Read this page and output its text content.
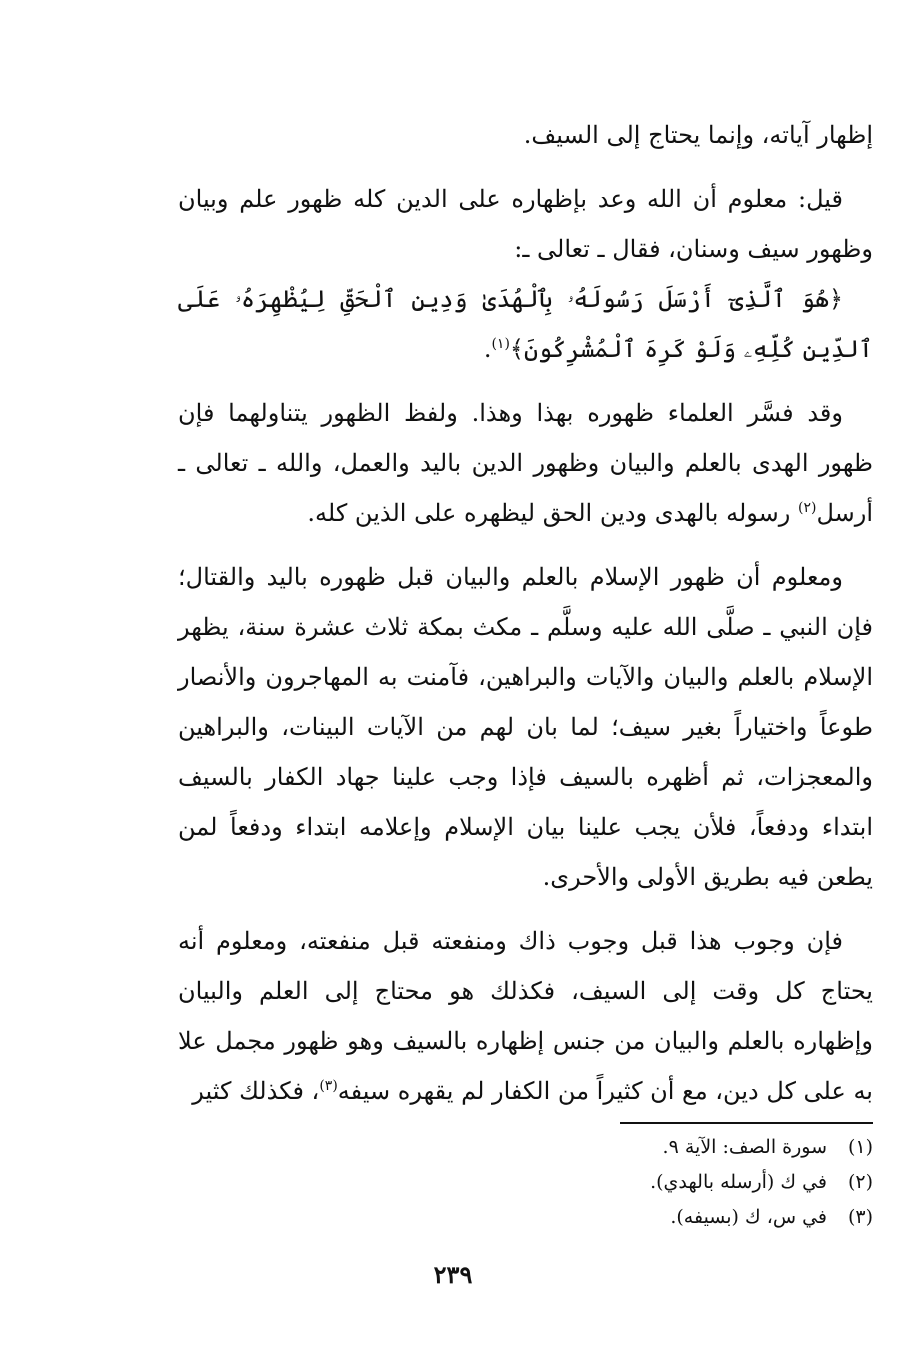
إظهار آياته، وإنما يحتاج إلى السيف.

قيل: معلوم أن الله وعد بإظهاره على الدين كله ظهور علم وبيان وظهور سيف وسنان، فقال ـ تعالى ـ:

﴿هُوَ ٱلَّذِىٓ أَرْسَلَ رَسُولَهُۥ بِٱلْهُدَىٰ وَدِينِ ٱلْحَقِّ لِيُظْهِرَهُۥ عَلَى ٱلدِّينِ كُلِّهِۦ وَلَوْ كَرِهَ ٱلْمُشْرِكُونَ﴾$^{(١)}$.

وقد فسَّر العلماء ظهوره بهذا وهذا. ولفظ الظهور يتناولهما فإن ظهور الهدى بالعلم والبيان وظهور الدين باليد والعمل، والله ـ تعالى ـ أرسل$^{(٢)}$ رسوله بالهدى ودين الحق ليظهره على الذين كله.

ومعلوم أن ظهور الإسلام بالعلم والبيان قبل ظهوره باليد والقتال؛ فإن النبي ـ صلَّى الله عليه وسلَّم ـ مكث بمكة ثلاث عشرة سنة، يظهر الإسلام بالعلم والبيان والآيات والبراهين، فآمنت به المهاجرون والأنصار طوعاً واختياراً بغير سيف؛ لما بان لهم من الآيات البينات، والبراهين والمعجزات، ثم أظهره بالسيف فإذا وجب علينا جهاد الكفار بالسيف ابتداء ودفعاً، فلأن يجب علينا بيان الإسلام وإعلامه ابتداء ودفعاً لمن يطعن فيه بطريق الأولى والأحرى.

فإن وجوب هذا قبل وجوب ذاك ومنفعته قبل منفعته، ومعلوم أنه يحتاج كل وقت إلى السيف، فكذلك هو محتاج إلى العلم والبيان وإظهاره بالعلم والبيان من جنس إظهاره بالسيف وهو ظهور مجمل علا به على كل دين، مع أن كثيراً من الكفار لم يقهره سيفه$^{(٣)}$، فكذلك كثير

(١)سورة الصف: الآية ٩.
(٢)في ك (أرسله بالهدي).
(٣)في س، ك (بسيفه).
٢٣٩
